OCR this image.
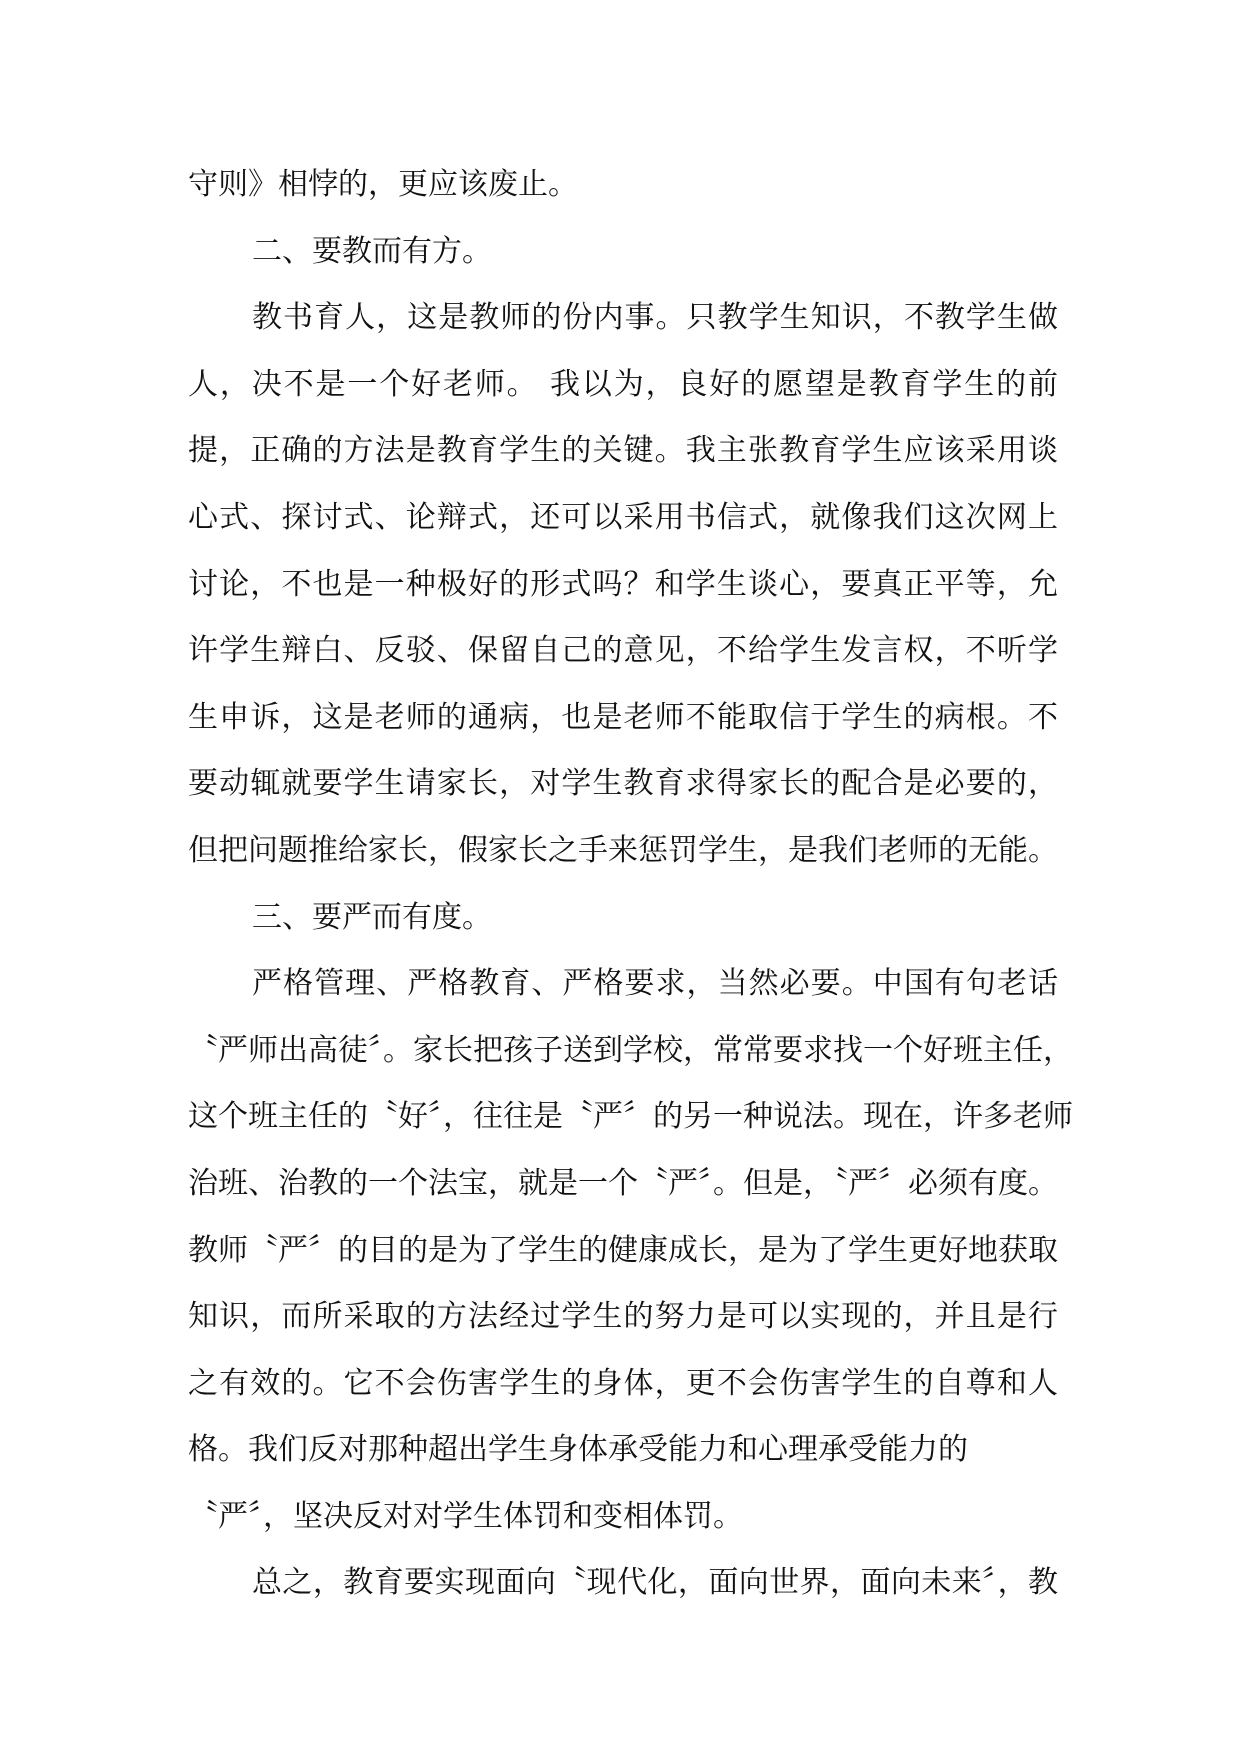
守则》相悖的，更应该废止。
二、要教而有方。
教书育人，这是教师的份内事。只教学生知识，不教学生做
人，决不是一个好老师。 我以为，良好的愿望是教育学生的前
提，正确的方法是教育学生的关键。我主张教育学生应该采用谈
心式、探讨式、论辩式，还可以采用书信式，就像我们这次网上
讨论，不也是一种极好的形式吗？和学生谈心，要真正平等，允
许学生辩白、反驳、保留自己的意见，不给学生发言权，不听学
生申诉，这是老师的通病，也是老师不能取信于学生的病根。不
要动辄就要学生请家长，对学生教育求得家长的配合是必要的，
但把问题推给家长，假家长之手来惩罚学生，是我们老师的无能。
三、要严而有度。
严格管理、严格教育、严格要求，当然必要。中国有句老话
〝严师出高徒〞。家长把孩子送到学校，常常要求找一个好班主任，
这个班主任的〝好〞，往往是〝严〞的另一种说法。现在，许多老师
治班、治教的一个法宝，就是一个〝严〞。但是，〝严〞必须有度。
教师〝严〞的目的是为了学生的健康成长，是为了学生更好地获取
知识，而所采取的方法经过学生的努力是可以实现的，并且是行
之有效的。它不会伤害学生的身体，更不会伤害学生的自尊和人
格。我们反对那种超出学生身体承受能力和心理承受能力的
〝严〞，坚决反对对学生体罚和变相体罚。
总之，教育要实现面向〝现代化，面向世界，面向未来〞，教
